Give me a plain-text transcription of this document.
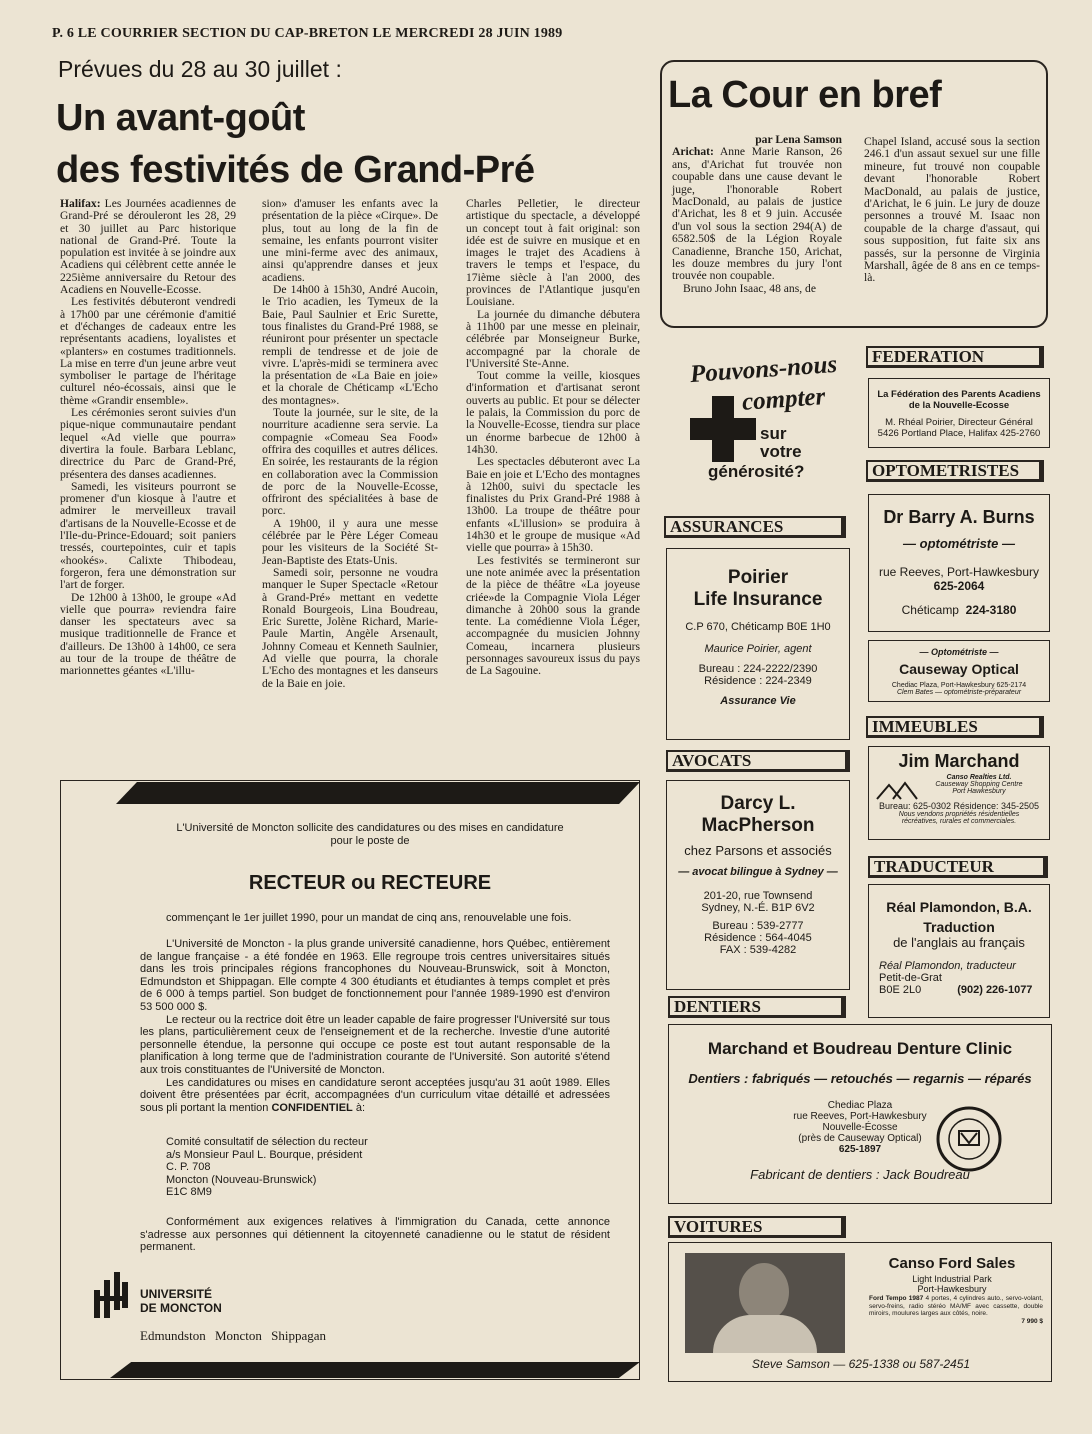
P. 6 LE COURRIER SECTION DU CAP-BRETON LE MERCREDI 28 JUIN 1989
Prévues du 28 au 30 juillet :
Un avant-goût
des festivités de Grand-Pré

Halifax: Les Journées acadiennes de Grand-Pré se dérouleront les 28, 29 et 30 juillet au Parc historique national de Grand-Pré. Toute la population est invitée à se joindre aux Acadiens qui célèbrent cette année le 225ième anniversaire du Retour des Acadiens en Nouvelle-Ecosse.

Les festivités débuteront vendredi à 17h00 par une cérémonie d'amitié et d'échanges de cadeaux entre les représentants acadiens, loyalistes et «planters» en costumes traditionnels. La mise en terre d'un jeune arbre veut symboliser le partage de l'héritage culturel néo-écossais, ainsi que le thème «Grandir ensemble».

Les cérémonies seront suivies d'un pique-nique communautaire pendant lequel «Ad vielle que pourra» divertira la foule. Barbara Leblanc, directrice du Parc de Grand-Pré, présentera des danses acadiennes.

Samedi, les visiteurs pourront se promener d'un kiosque à l'autre et admirer le merveilleux travail d'artisans de la Nouvelle-Ecosse et de l'Ile-du-Prince-Edouard; soit paniers tressés, courtepointes, cuir et tapis «hookés». Calixte Thibodeau, forgeron, fera une démonstration sur l'art de forger.

De 12h00 à 13h00, le groupe «Ad vielle que pourra» reviendra faire danser les spectateurs avec sa musique traditionnelle de France et d'ailleurs. De 13h00 à 14h00, ce sera au tour de la troupe de théâtre de marionnettes géantes «L'illu-

sion» d'amuser les enfants avec la présentation de la pièce «Cirque». De plus, tout au long de la fin de semaine, les enfants pourront visiter une mini-ferme avec des animaux, ainsi qu'apprendre danses et jeux acadiens.

De 14h00 à 15h30, André Aucoin, le Trio acadien, les Tymeux de la Baie, Paul Saulnier et Eric Surette, tous finalistes du Grand-Pré 1988, se réuniront pour présenter un spectacle rempli de tendresse et de joie de vivre. L'après-midi se terminera avec la présentation de «La Baie en joie» et la chorale de Chéticamp «L'Echo des montagnes».

Toute la journée, sur le site, de la nourriture acadienne sera servie. La compagnie «Comeau Sea Food» offrira des coquilles et autres délices. En soirée, les restaurants de la région en collaboration avec la Commission de porc de la Nouvelle-Ecosse, offriront des spécialitées à base de porc.

A 19h00, il y aura une messe célébrée par le Père Léger Comeau pour les visiteurs de la Société St-Jean-Baptiste des Etats-Unis.

Samedi soir, personne ne voudra manquer le Super Spectacle «Retour à Grand-Pré» mettant en vedette Ronald Bourgeois, Lina Boudreau, Eric Surette, Jolène Richard, Marie-Paule Martin, Angèle Arsenault, Johnny Comeau et Kenneth Saulnier, Ad vielle que pourra, la chorale L'Echo des montagnes et les danseurs de la Baie en joie.

Charles Pelletier, le directeur artistique du spectacle, a développé un concept tout à fait original: son idée est de suivre en musique et en images le trajet des Acadiens à travers le temps et l'espace, du 17ième siècle à l'an 2000, des provinces de l'Atlantique jusqu'en Louisiane.

La journée du dimanche débutera à 11h00 par une messe en pleinair, célébrée par Monseigneur Burke, accompagné par la chorale de l'Université Ste-Anne.

Tout comme la veille, kiosques d'information et d'artisanat seront ouverts au public. Et pour se délecter le palais, la Commission du porc de la Nouvelle-Ecosse, tiendra sur place un énorme barbecue de 12h00 à 14h30.

Les spectacles débuteront avec La Baie en joie et L'Echo des montagnes à 12h00, suivi du spectacle les finalistes du Prix Grand-Pré 1988 à 13h00. La troupe de théâtre pour enfants «L'illusion» se produira à 14h30 et le groupe de musique «Ad vielle que pourra» à 15h30.

Les festivités se termineront sur une note animée avec la présentation de la pièce de théâtre «La joyeuse criée»de la Compagnie Viola Léger dimanche à 20h00 sous la grande tente. La comédienne Viola Léger, accompagnée du musicien Johnny Comeau, incarnera plusieurs personnages savoureux issus du pays de La Sagouine.

La Cour en bref
par Lena Samson

Arichat: Anne Marie Ranson, 26 ans, d'Arichat fut trouvée non coupable dans une cause devant le juge, l'honorable Robert MacDonald, au palais de justice d'Arichat, les 8 et 9 juin. Accusée d'un vol sous la section 294(A) de 6582.50$ de la Légion Royale Canadienne, Branche 150, Arichat, les douze membres du jury l'ont trouvée non coupable.

Bruno John Isaac, 48 ans, de

Chapel Island, accusé sous la section 246.1 d'un assaut sexuel sur une fille mineure, fut trouvé non coupable devant l'honorable Robert MacDonald, au palais de justice, d'Arichat, le 6 juin. Le jury de douze personnes a trouvé M. Isaac non coupable de la charge d'assaut, qui sous supposition, fut faite six ans passés, sur la personne de Virginia Marshall, âgée de 8 ans en ce temps-là.

Pouvons-nous
compter
sur
votre
générosité?
FEDERATION
La Fédération des Parents Acadiens
de la Nouvelle-Ecosse
M. Rhéal Poirier, Directeur Général
5426 Portland Place, Halifax 425-2760
OPTOMETRISTES
Dr Barry A. Burns
— optométriste —
rue Reeves, Port-Hawkesbury
625-2064
Chéticamp 224-3180
— Optométriste —
Causeway Optical
Chediac Plaza, Port-Hawkesbury 625-2174
Clem Bates — optométriste-préparateur
ASSURANCES
Poirier
Life Insurance
C.P 670, Chéticamp B0E 1H0
Maurice Poirier, agent
Bureau : 224-2222/2390
Résidence : 224-2349
Assurance Vie
IMMEUBLES
Jim Marchand
Canso Realties Ltd.
Causeway Shopping Centre
Port Hawkesbury
Bureau: 625-0302 Résidence: 345-2505
Nous vendons propriétés résidentielles
récréatives, rurales et commerciales.
AVOCATS
Darcy L.
MacPherson
chez Parsons et associés
— avocat bilingue à Sydney —
201-20, rue Townsend
Sydney, N.-É. B1P 6V2
Bureau : 539-2777
Résidence : 564-4045
FAX : 539-4282
TRADUCTEUR
Réal Plamondon, B.A.
Traduction
de l'anglais au français
Réal Plamondon, traducteur
Petit-de-Grat
B0E 2L0	(902) 226-1077
DENTIERS
Marchand et Boudreau Denture Clinic
Dentiers : fabriqués — retouchés — regarnis — réparés
Chediac Plaza
rue Reeves, Port-Hawkesbury
Nouvelle-Écosse
(près de Causeway Optical)
625-1897
Fabricant de dentiers : Jack Boudreau
VOITURES
Canso Ford Sales
Light Industrial Park
Port-Hawkesbury
Ford Tempo 1987 4 portes, 4 cylindres auto., servo-volant, servo-freins, radio stéréo MA/MF avec cassette, double miroirs, moulures larges aux côtés, noire.
7 990 $
Steve Samson — 625-1338 ou 587-2451
L'Université de Moncton sollicite des candidatures ou des mises en candidature
pour le poste de
RECTEUR ou RECTEURE
commençant le 1er juillet 1990, pour un mandat de cinq ans, renouvelable une fois.

L'Université de Moncton - la plus grande université canadienne, hors Québec, entièrement de langue française - a été fondée en 1963. Elle regroupe trois centres universitaires situés dans les trois principales régions francophones du Nouveau-Brunswick, soit à Moncton, Edmundston et Shippagan. Elle compte 4 300 étudiants et étudiantes à temps complet et près de 6 000 à temps partiel. Son budget de fonctionnement pour l'année 1989-1990 est d'environ 53 500 000 $.

Le recteur ou la rectrice doit être un leader capable de faire progresser l'Université sur tous les plans, particulièrement ceux de l'enseignement et de la recherche. Investie d'une autorité personnelle étendue, la personne qui occupe ce poste est tout autant responsable de la planification à long terme que de l'administration courante de l'Université. Son autorité s'étend aux trois constituantes de l'Université de Moncton.

Les candidatures ou mises en candidature seront acceptées jusqu'au 31 août 1989. Elles doivent être présentées par écrit, accompagnées d'un curriculum vitae détaillé et adressées sous pli portant la mention CONFIDENTIEL à:

Comité consultatif de sélection du recteur
a/s Monsieur Paul L. Bourque, président
C. P. 708
Moncton (Nouveau-Brunswick)
E1C 8M9
Conformément aux exigences relatives à l'immigration du Canada, cette annonce s'adresse aux personnes qui détiennent la citoyenneté canadienne ou le statut de résident permanent.
UNIVERSITÉ
DE MONCTON
Edmundston Moncton Shippagan
